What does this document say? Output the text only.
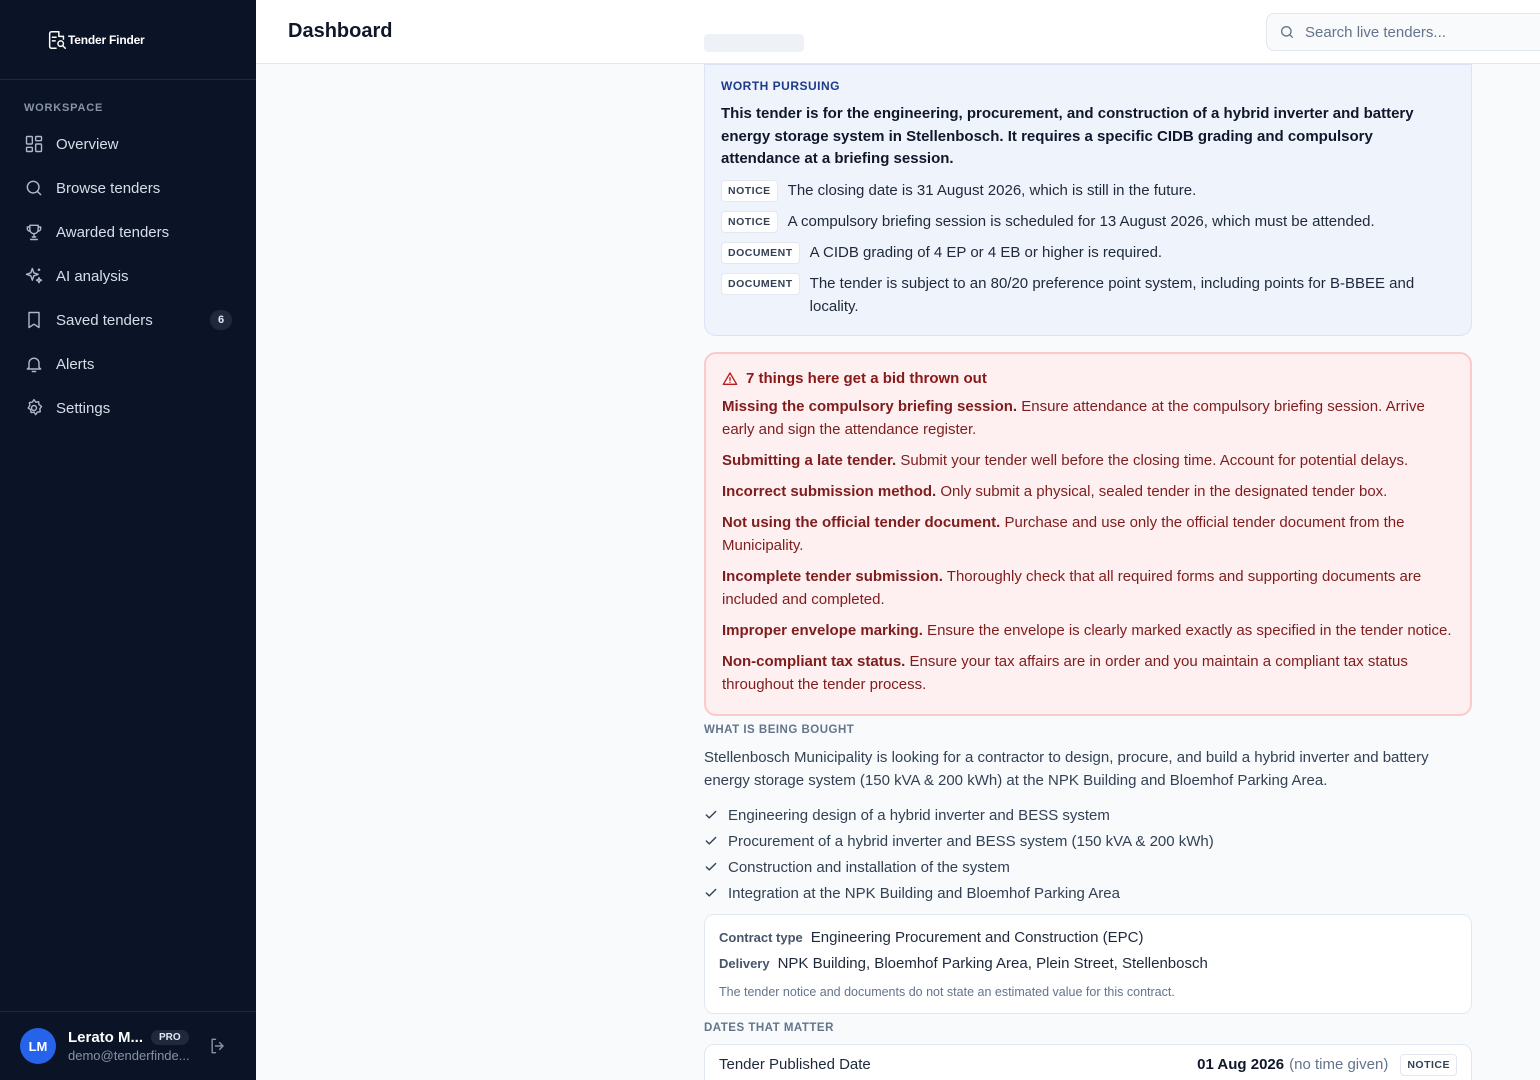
Tender Finder
WORKSPACE
Overview
Browse tenders
Awarded tenders
AI analysis
Saved tenders	6
Alerts
Settings
LM	Lerato M...	PRO
demo@tenderfinde...
Dashboard
Search live tenders...
WORTH PURSUING

This tender is for the engineering, procurement, and construction of a hybrid inverter and battery energy storage system in Stellenbosch. It requires a specific CIDB grading and compulsory attendance at a briefing session.

NOTICE	The closing date is 31 August 2026, which is still in the future.
NOTICE	A compulsory briefing session is scheduled for 13 August 2026, which must be attended.
DOCUMENT	A CIDB grading of 4 EP or 4 EB or higher is required.
DOCUMENT	The tender is subject to an 80/20 preference point system, including points for B-BBEE and locality.
7 things here get a bid thrown out

Missing the compulsory briefing session. Ensure attendance at the compulsory briefing session. Arrive early and sign the attendance register.

Submitting a late tender. Submit your tender well before the closing time. Account for potential delays.

Incorrect submission method. Only submit a physical, sealed tender in the designated tender box.

Not using the official tender document. Purchase and use only the official tender document from the Municipality.

Incomplete tender submission. Thoroughly check that all required forms and supporting documents are included and completed.

Improper envelope marking. Ensure the envelope is clearly marked exactly as specified in the tender notice.

Non-compliant tax status. Ensure your tax affairs are in order and you maintain a compliant tax status throughout the tender process.

WHAT IS BEING BOUGHT

Stellenbosch Municipality is looking for a contractor to design, procure, and build a hybrid inverter and battery energy storage system (150 kVA & 200 kWh) at the NPK Building and Bloemhof Parking Area.

Engineering design of a hybrid inverter and BESS system
Procurement of a hybrid inverter and BESS system (150 kVA & 200 kWh)
Construction and installation of the system
Integration at the NPK Building and Bloemhof Parking Area
Contract type Engineering Procurement and Construction (EPC)
Delivery NPK Building, Bloemhof Parking Area, Plein Street, Stellenbosch
The tender notice and documents do not state an estimated value for this contract.
DATES THAT MATTER
Tender Published Date	01 Aug 2026 (no time given)	NOTICE
